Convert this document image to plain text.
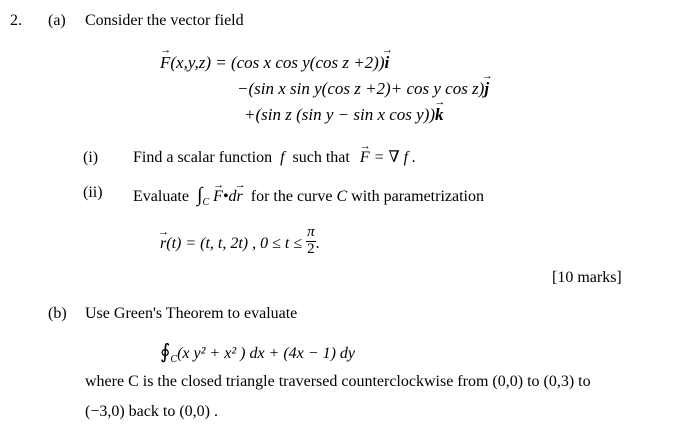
2. (a) Consider the vector field
→ F(x,y,z) = (cos x cos y(cos z +2))→ i
−(sin x sin y(cos z +2)+ cos y cos z)→ j
+(sin z (sin y − sin x cos y))→ k
(i) Find a scalar function f such that → F = ∇ f .
(ii) Evaluate $\int_C$ → F•d→ r for the curve C with parametrization
→ r(t) = (t, t, 2t) , $0 \le t \le \frac{\pi}{2}$ .
[10 marks]
(b) Use Green's Theorem to evaluate
$∮_C(x$ y² + x² ) dx + (4x − 1) dy
where C is the closed triangle traversed counterclockwise from (0,0) to (0,3) to
(−3,0) back to (0,0) .
